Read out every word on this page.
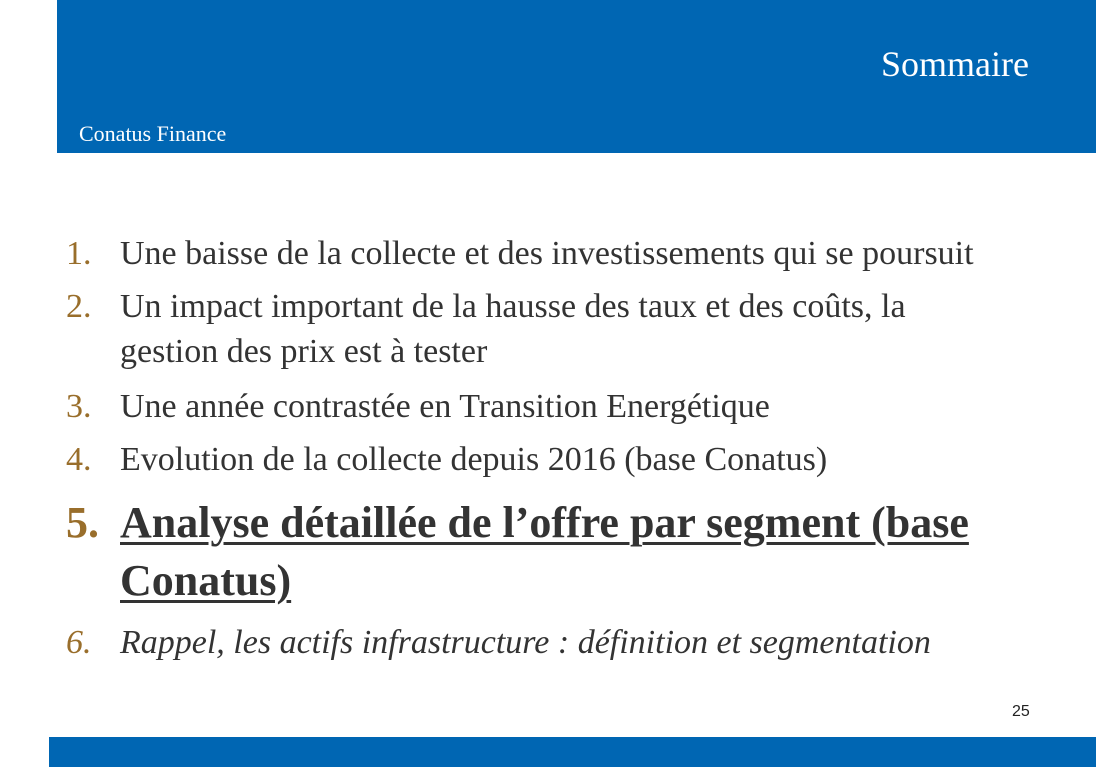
Sommaire
Conatus Finance
1. Une baisse de la collecte et des investissements qui se poursuit
2. Un impact important de la hausse des taux et des coûts, la gestion des prix est à tester
3. Une année contrastée en Transition Energétique
4. Evolution de la collecte depuis 2016 (base Conatus)
5. Analyse détaillée de l’offre par segment (base Conatus)
6. Rappel, les actifs infrastructure : définition et segmentation
25
